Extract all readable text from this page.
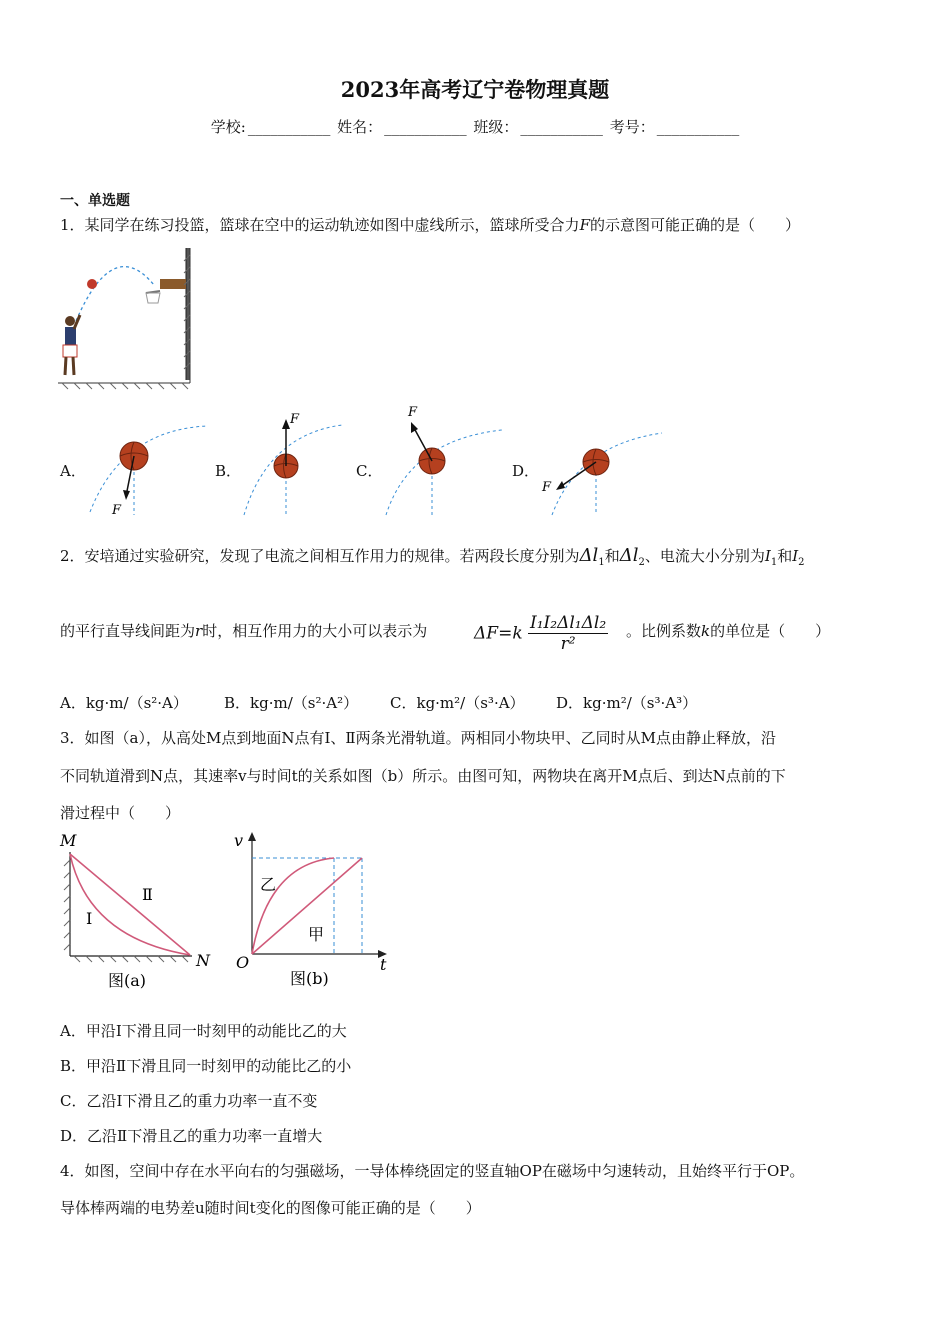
2023年高考辽宁卷物理真题
学校: ___________ 姓名： ___________ 班级： ___________ 考号： ___________
一、单选题
1．某同学在练习投篮，篮球在空中的运动轨迹如图中虚线所示，篮球所受合力F的示意图可能正确的是（　　）
A．	B．	C．	D．
F
F	F
F
2．安培通过实验研究，发现了电流之间相互作用力的规律。若两段长度分别为$\Delta l_1$和$\Delta l_2$、电流大小分别为$I_1$和$I_2$
的平行直导线间距为r时，相互作用力的大小可以表示为	$\Delta F=k \frac{\text{I₁I₂Δl₁Δl₂}}{\text{r²}}$ 。比例系数k的单位是（　　）
A．kg·m/（s²·A） B．kg·m/（s²·A²） C．kg·m²/（s³·A） D．kg·m²/（s³·A³）
3．如图（a），从高处M点到地面N点有Ⅰ、Ⅱ两条光滑轨道。两相同小物块甲、乙同时从M点由静止释放，沿
不同轨道滑到N点，其速率v与时间t的关系如图（b）所示。由图可知，两物块在离开M点后、到达N点前的下
滑过程中（　　）
M
N
Ⅰ
Ⅱ
图(a)
v
t
O
乙
甲
图(b)
A．甲沿Ⅰ下滑且同一时刻甲的动能比乙的大
B．甲沿Ⅱ下滑且同一时刻甲的动能比乙的小
C．乙沿Ⅰ下滑且乙的重力功率一直不变
D．乙沿Ⅱ下滑且乙的重力功率一直增大
4．如图，空间中存在水平向右的匀强磁场，一导体棒绕固定的竖直轴OP在磁场中匀速转动，且始终平行于OP。
导体棒两端的电势差u随时间t变化的图像可能正确的是（　　）
